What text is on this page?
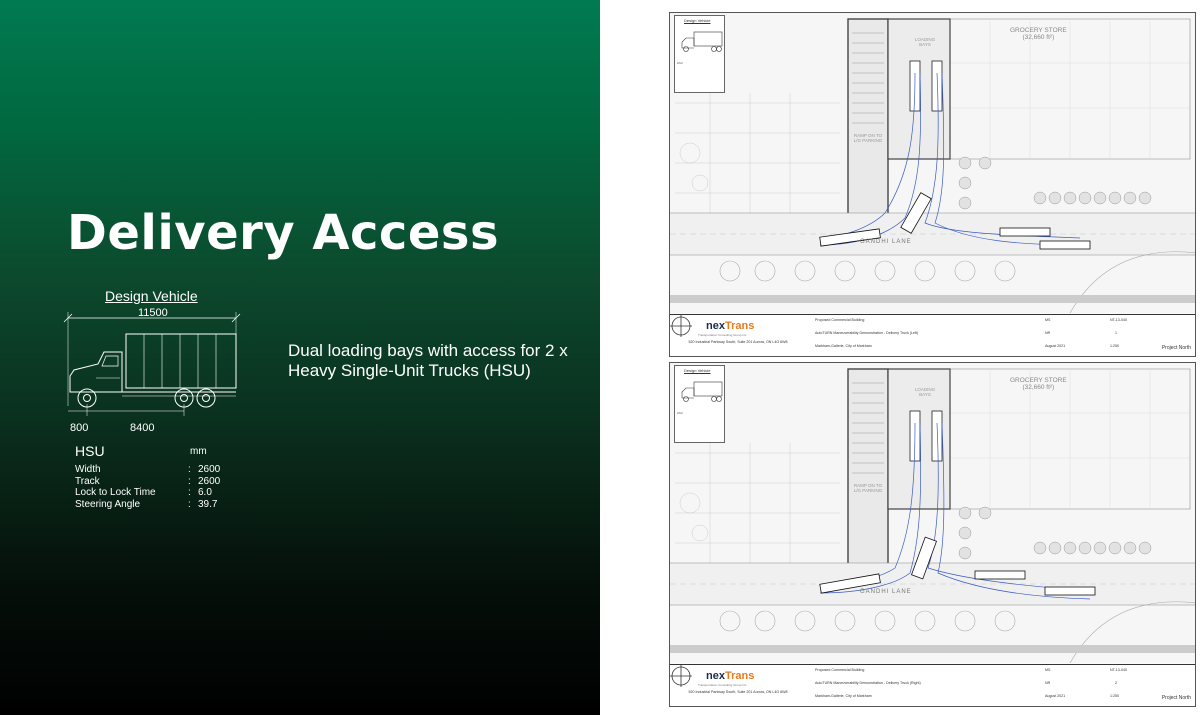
Delivery Access
Design Vehicle
11500
800	8400
HSU	mm
Width	: 2600
Track	: 2600
Lock to Lock Time	: 6.0
Steering Angle	: 39.7
Dual loading bays with access for 2 x Heavy Single-Unit Trucks (HSU)
Design Vehicle
HSU
GROCERY STORE
(32,660 ft²)
LOADING BAYS
RAMP ON TO L/G PARKING
GANDHI LANE
nexTrans
Transportation Consulting Group Inc.
520 Industrial Parkway South, Suite 201 Aurora, ON L4G 6W8
Proposed Commercial Building
AutoTURN Maneuverability Demonstration - Delivery Truck (Left)
Markham-Gallerie, City of Markham
MS
NR
August 2021
NT-13-040
1
1:250	Project North
Design Vehicle
HSU
GROCERY STORE
(32,660 ft²)
LOADING BAYS
RAMP ON TO L/G PARKING
GANDHI LANE
nexTrans
Transportation Consulting Group Inc.
520 Industrial Parkway South, Suite 201 Aurora, ON L4G 6W8
Proposed Commercial Building
AutoTURN Maneuverability Demonstration - Delivery Truck (Right)
Markham-Gallerie, City of Markham
MS
NR
August 2021
NT-13-040
2
1:250	Project North
